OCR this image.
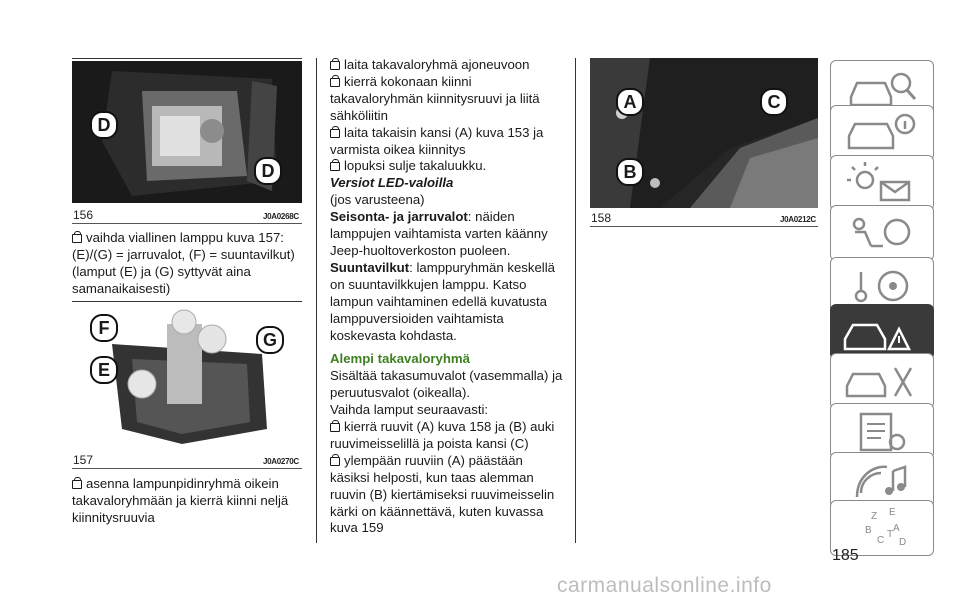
D
D
156	J0A0268C

vaihda viallinen lamppu kuva 157: (E)/(G) = jarruvalot, (F) = suuntavilkut) (lamput (E) ja (G) syttyvät aina samanaikaisesti)

F
G
E
157	J0A0270C

asenna lampunpidinryhmä oikein takavaloryhmään ja kierrä kiinni neljä kiinnitysruuvia

laita takavaloryhmä ajoneuvoon

kierrä kokonaan kiinni takavaloryhmän kiinnitysruuvi ja liitä sähköliitin

laita takaisin kansi (A) kuva 153 ja varmista oikea kiinnitys

lopuksi sulje takaluukku.

Versiot LED-valoilla

(jos varusteena)

Seisonta- ja jarruvalot: näiden lamppujen vaihtamista varten käänny Jeep-huoltoverkoston puoleen.

Suuntavilkut: lamppuryhmän keskellä on suuntavilkkujen lamppu. Katso lampun vaihtaminen edellä kuvatusta lamppuversioiden vaihtamista koskevasta kohdasta.

Alempi takavaloryhmä

Sisältää takasumuvalot (vasemmalla) ja peruutusvalot (oikealla).

Vaihda lamput seuraavasti:

kierrä ruuvit (A) kuva 158 ja (B) auki ruuvimeisselillä ja poista kansi (C)

ylempään ruuviin (A) päästään käsiksi helposti, kun taas alemman ruuvin (B) kiertämiseksi ruuvimeisselin kärki on käännettävä, kuten kuvassa kuva 159

A	C
B
158	J0A0212C
Z E
B A
C D
T
185
carmanualsonline.info
